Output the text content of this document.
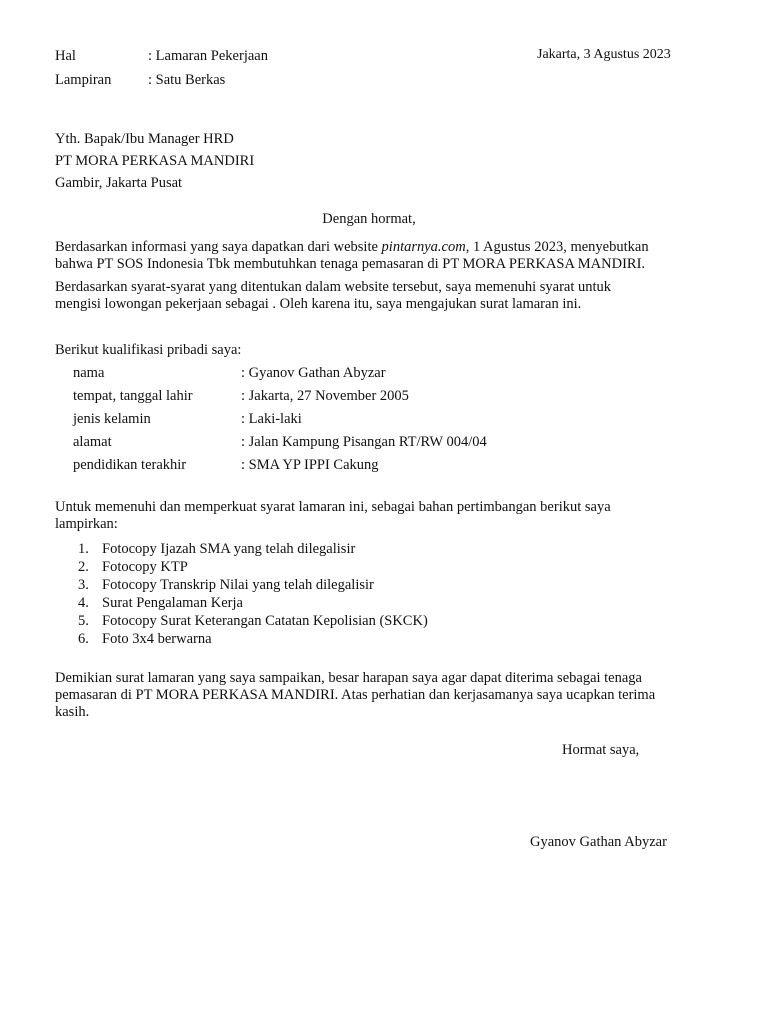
Hal	: Lamaran Pekerjaan	Jakarta, 3 Agustus 2023
Lampiran	: Satu Berkas
Yth. Bapak/Ibu Manager HRD
PT MORA PERKASA MANDIRI
Gambir, Jakarta Pusat
Dengan hormat,
Berdasarkan informasi yang saya dapatkan dari website pintarnya.com, 1 Agustus 2023, menyebutkan
bahwa PT SOS Indonesia Tbk membutuhkan tenaga pemasaran di PT MORA PERKASA MANDIRI.
Berdasarkan syarat-syarat yang ditentukan dalam website tersebut, saya memenuhi syarat untuk
mengisi lowongan pekerjaan sebagai . Oleh karena itu, saya mengajukan surat lamaran ini.
Berikut kualifikasi pribadi saya:
nama	: Gyanov Gathan Abyzar
tempat, tanggal lahir	: Jakarta, 27 November 2005
jenis kelamin	: Laki-laki
alamat	: Jalan Kampung Pisangan RT/RW 004/04
pendidikan terakhir	: SMA YP IPPI Cakung
Untuk memenuhi dan memperkuat syarat lamaran ini, sebagai bahan pertimbangan berikut saya
lampirkan:
1. Fotocopy Ijazah SMA yang telah dilegalisir
2. Fotocopy KTP
3. Fotocopy Transkrip Nilai yang telah dilegalisir
4. Surat Pengalaman Kerja
5. Fotocopy Surat Keterangan Catatan Kepolisian (SKCK)
6. Foto 3x4 berwarna
Demikian surat lamaran yang saya sampaikan, besar harapan saya agar dapat diterima sebagai tenaga
pemasaran di PT MORA PERKASA MANDIRI. Atas perhatian dan kerjasamanya saya ucapkan terima
kasih.
Hormat saya,
Gyanov Gathan Abyzar
